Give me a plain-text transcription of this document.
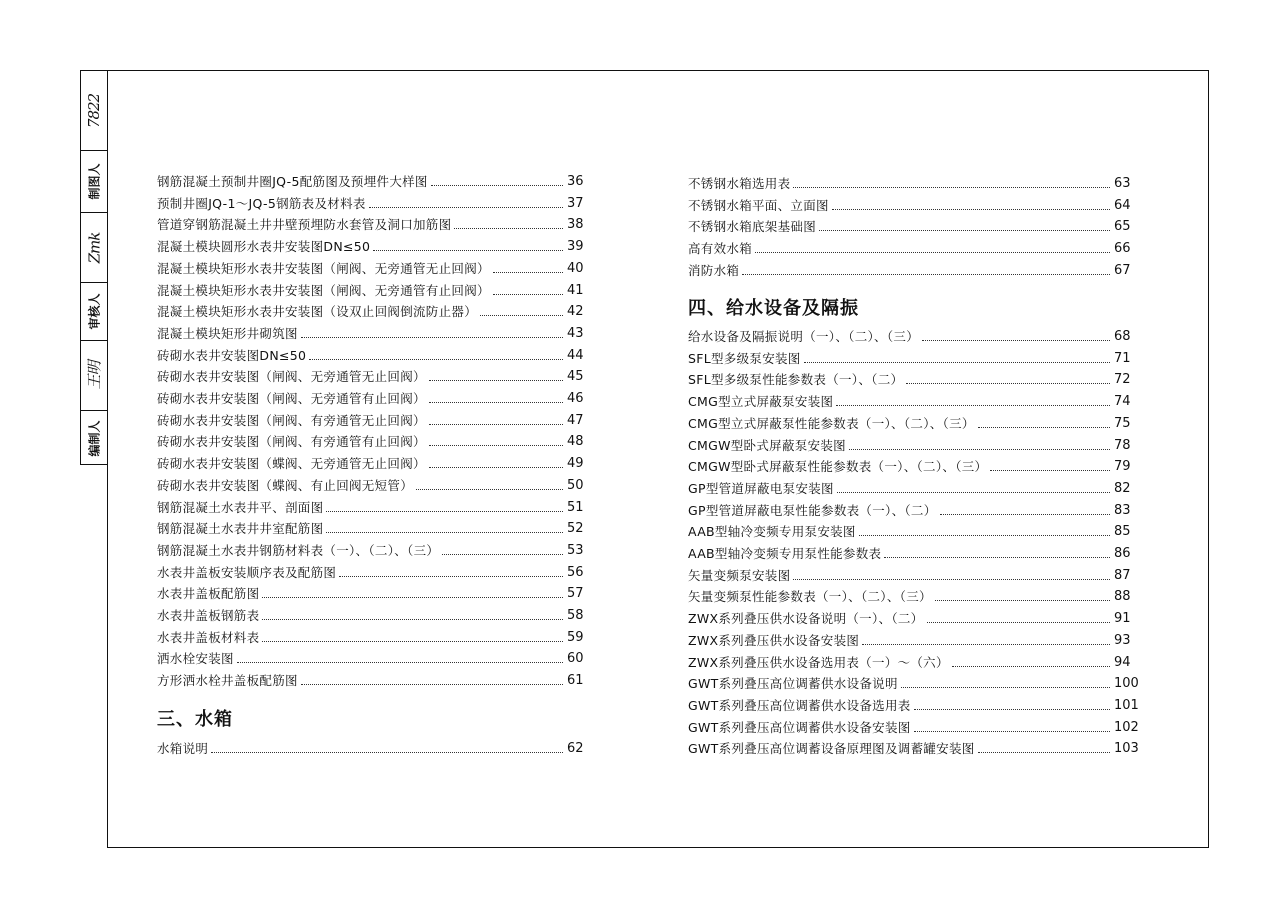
7822
制图人
Zmk
审核人
王明
编制人
钢筋混凝土预制井圈JQ-5配筋图及预埋件大样图	36
预制井圈JQ-1～JQ-5钢筋表及材料表	37
管道穿钢筋混凝土井井壁预埋防水套管及洞口加筋图	38
混凝土模块圆形水表井安装图DN≤50	39
混凝土模块矩形水表井安装图（闸阀、无旁通管无止回阀）	40
混凝土模块矩形水表井安装图（闸阀、无旁通管有止回阀）	41
混凝土模块矩形水表井安装图（设双止回阀倒流防止器）	42
混凝土模块矩形井砌筑图	43
砖砌水表井安装图DN≤50	44
砖砌水表井安装图（闸阀、无旁通管无止回阀）	45
砖砌水表井安装图（闸阀、无旁通管有止回阀）	46
砖砌水表井安装图（闸阀、有旁通管无止回阀）	47
砖砌水表井安装图（闸阀、有旁通管有止回阀）	48
砖砌水表井安装图（蝶阀、无旁通管无止回阀）	49
砖砌水表井安装图（蝶阀、有止回阀无短管）	50
钢筋混凝土水表井平、剖面图	51
钢筋混凝土水表井井室配筋图	52
钢筋混凝土水表井钢筋材料表（一）、（二）、（三）	53
水表井盖板安装顺序表及配筋图	56
水表井盖板配筋图	57
水表井盖板钢筋表	58
水表井盖板材料表	59
洒水栓安装图	60
方形洒水栓井盖板配筋图	61
三、水箱
水箱说明	62
不锈钢水箱选用表	63
不锈钢水箱平面、立面图	64
不锈钢水箱底架基础图	65
高有效水箱	66
消防水箱	67
四、给水设备及隔振
给水设备及隔振说明（一）、（二）、（三）	68
SFL型多级泵安装图	71
SFL型多级泵性能参数表（一）、（二）	72
CMG型立式屏蔽泵安装图	74
CMG型立式屏蔽泵性能参数表（一）、（二）、（三）	75
CMGW型卧式屏蔽泵安装图	78
CMGW型卧式屏蔽泵性能参数表（一）、（二）、（三）	79
GP型管道屏蔽电泵安装图	82
GP型管道屏蔽电泵性能参数表（一）、（二）	83
AAB型轴冷变频专用泵安装图	85
AAB型轴冷变频专用泵性能参数表	86
矢量变频泵安装图	87
矢量变频泵性能参数表（一）、（二）、（三）	88
ZWX系列叠压供水设备说明（一）、（二）	91
ZWX系列叠压供水设备安装图	93
ZWX系列叠压供水设备选用表（一）～（六）	94
GWT系列叠压高位调蓄供水设备说明	100
GWT系列叠压高位调蓄供水设备选用表	101
GWT系列叠压高位调蓄供水设备安装图	102
GWT系列叠压高位调蓄设备原理图及调蓄罐安装图	103
